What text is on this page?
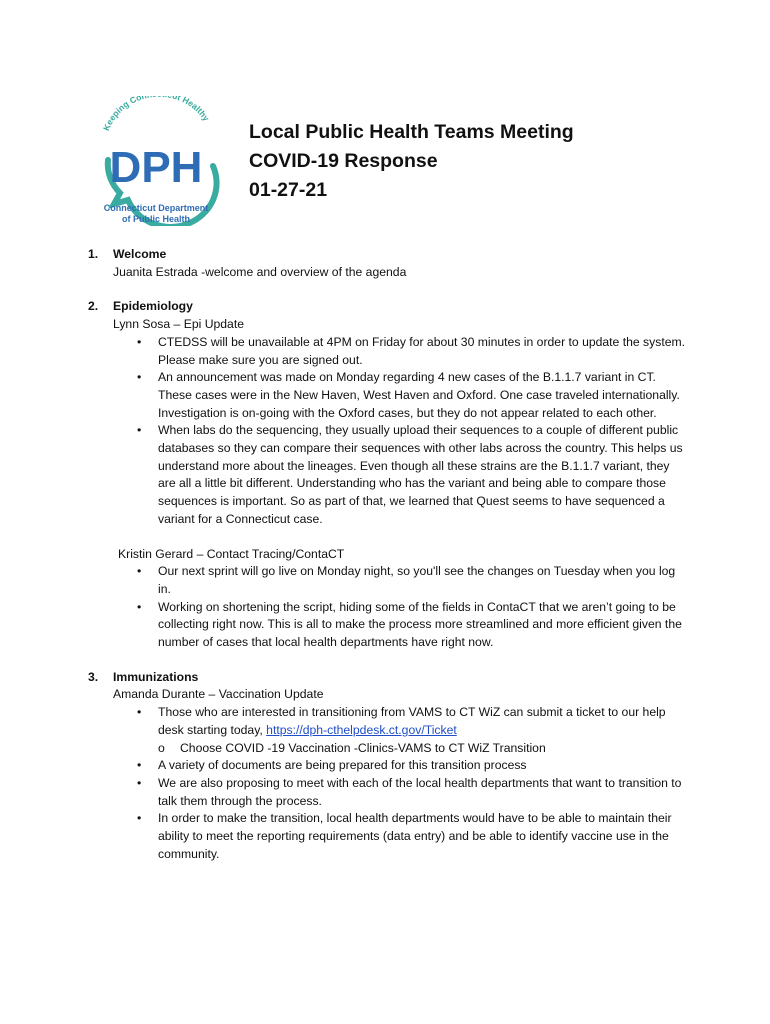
Keeping Co t Healthy
DPH
Connecticut Department
of Public Health
Local Public Health Teams Meeting
COVID-19 Response
01-27-21
1. Welcome
Juanita Estrada -welcome and overview of the agenda
2. Epidemiology
Lynn Sosa – Epi Update
• CTEDSS will be unavailable at 4PM on Friday for about 30 minutes in order to update the system. Please make sure you are signed out.
• An announcement was made on Monday regarding 4 new cases of the B.1.1.7 variant in CT. These cases were in the New Haven, West Haven and Oxford. One case traveled internationally. Investigation is on-going with the Oxford cases, but they do not appear related to each other.
• When labs do the sequencing, they usually upload their sequences to a couple of different public databases so they can compare their sequences with other labs across the country. This helps us understand more about the lineages. Even though all these strains are the B.1.1.7 variant, they are all a little bit different. Understanding who has the variant and being able to compare those sequences is important. So as part of that, we learned that Quest seems to have sequenced a variant for a Connecticut case.
Kristin Gerard – Contact Tracing/ContaCT
• Our next sprint will go live on Monday night, so you'll see the changes on Tuesday when you log in.
• Working on shortening the script, hiding some of the fields in ContaCT that we aren’t going to be collecting right now. This is all to make the process more streamlined and more efficient given the number of cases that local health departments have right now.
3. Immunizations
Amanda Durante – Vaccination Update
• Those who are interested in transitioning from VAMS to CT WiZ can submit a ticket to our help desk starting today, https://dph-cthelpdesk.ct.gov/Ticket
o Choose COVID -19 Vaccination -Clinics-VAMS to CT WiZ Transition
• A variety of documents are being prepared for this transition process
• We are also proposing to meet with each of the local health departments that want to transition to talk them through the process.
• In order to make the transition, local health departments would have to be able to maintain their ability to meet the reporting requirements (data entry) and be able to identify vaccine use in the community.
